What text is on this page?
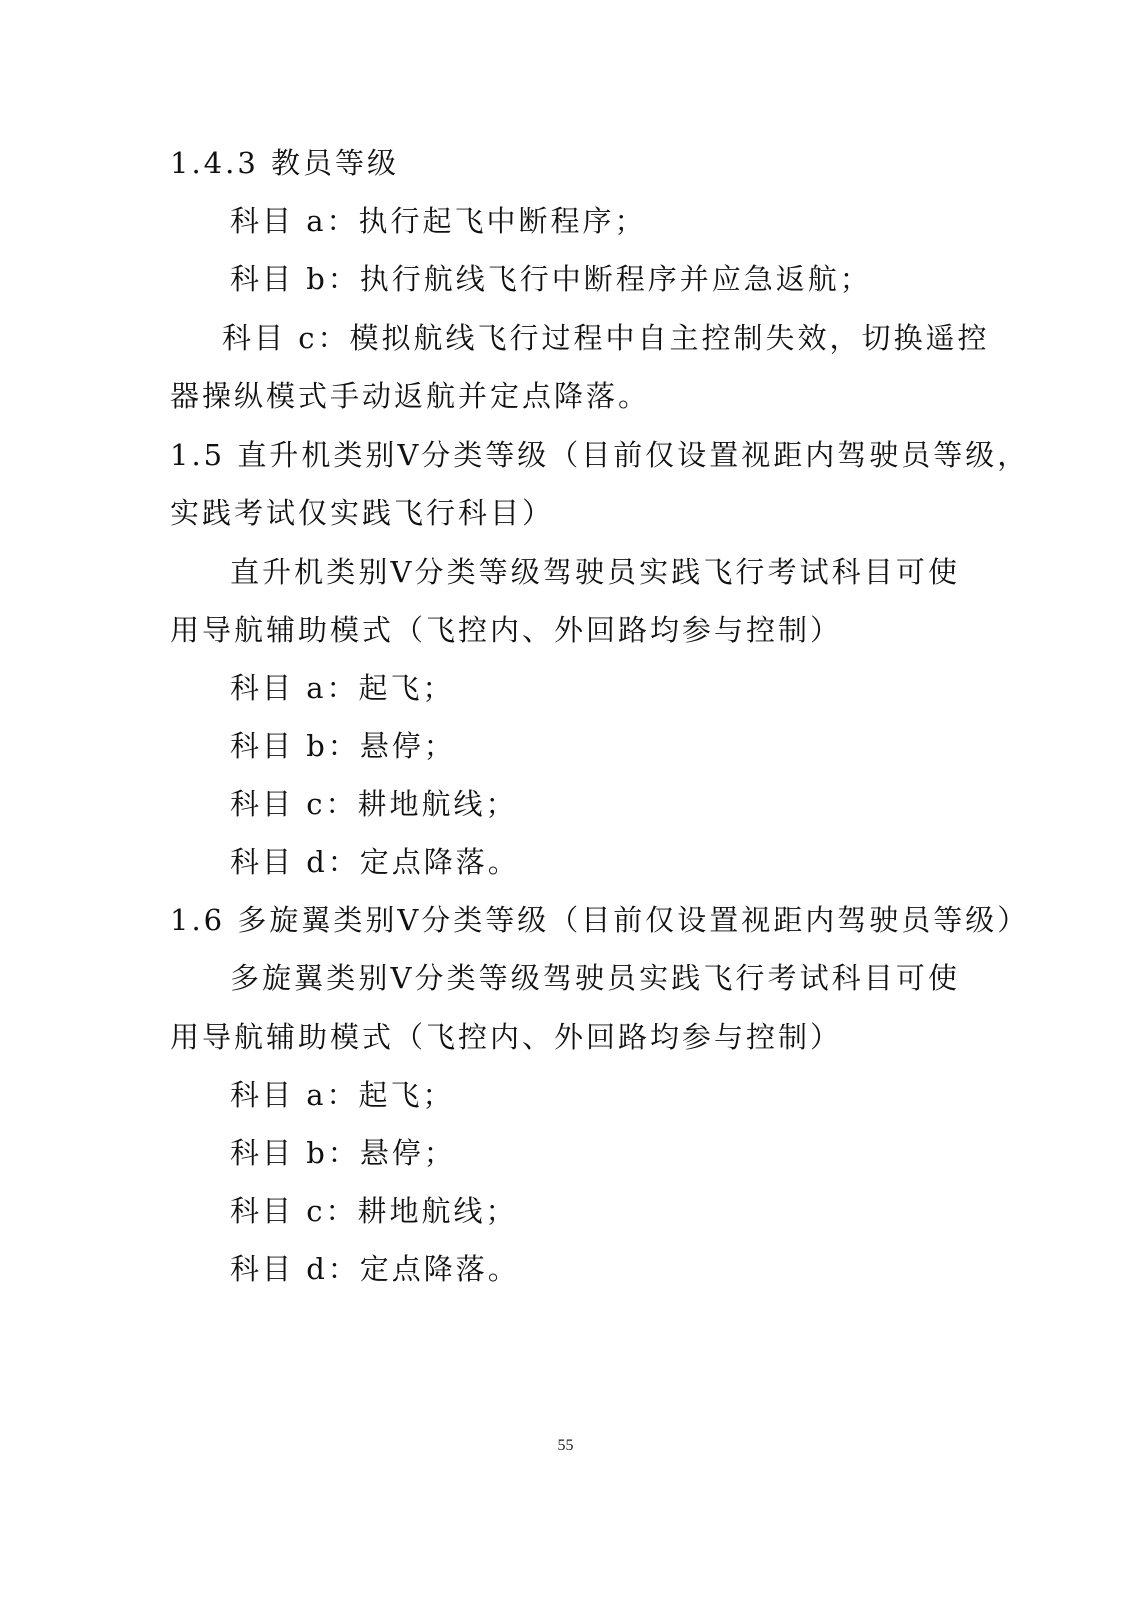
1.4.3 教员等级
科目 a：执行起飞中断程序；
科目 b：执行航线飞行中断程序并应急返航；
科目 c：模拟航线飞行过程中自主控制失效，切换遥控
器操纵模式手动返航并定点降落。
1.5 直升机类别Ⅴ分类等级（目前仅设置视距内驾驶员等级，
实践考试仅实践飞行科目）
直升机类别Ⅴ分类等级驾驶员实践飞行考试科目可使
用导航辅助模式（飞控内、外回路均参与控制）
科目 a：起飞；
科目 b：悬停；
科目 c：耕地航线；
科目 d：定点降落。
1.6 多旋翼类别Ⅴ分类等级（目前仅设置视距内驾驶员等级）
多旋翼类别Ⅴ分类等级驾驶员实践飞行考试科目可使
用导航辅助模式（飞控内、外回路均参与控制）
科目 a：起飞；
科目 b：悬停；
科目 c：耕地航线；
科目 d：定点降落。
55
